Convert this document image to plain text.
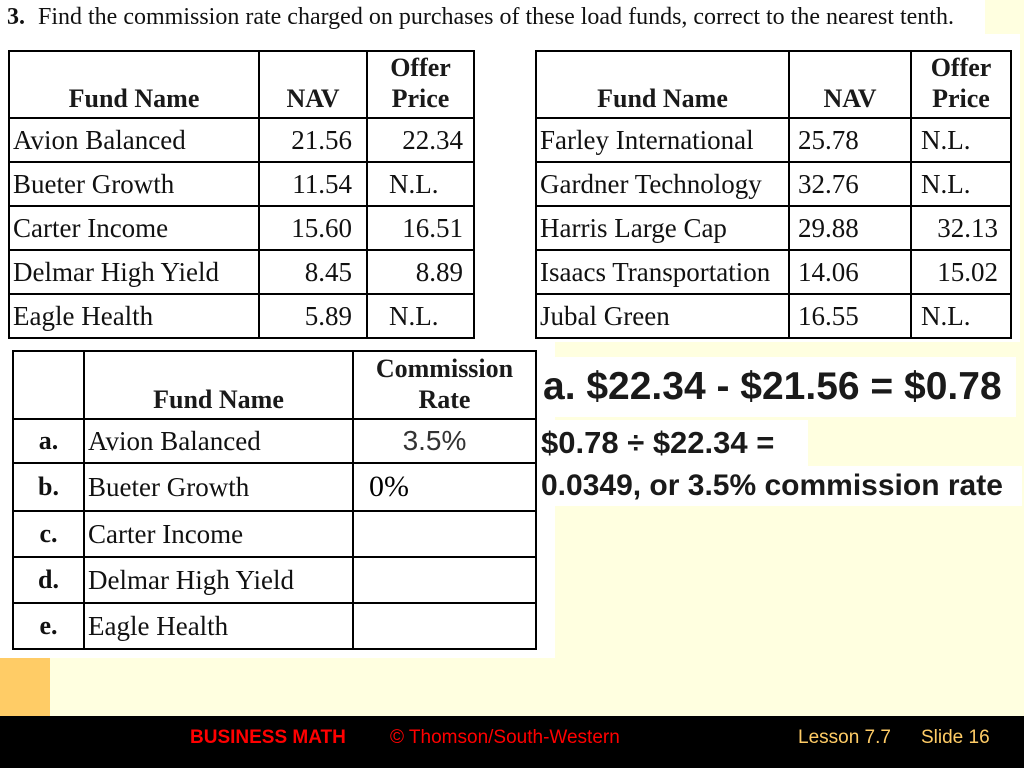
3. Find the commission rate charged on purchases of these load funds, correct to the nearest tenth.
Fund Name	NAV	Offer
Price
Avion Balanced	21.56	22.34
Bueter Growth	11.54	N.L.
Carter Income	15.60	16.51
Delmar High Yield	8.45	8.89
Eagle Health	5.89	N.L.
Fund Name	NAV	Offer
Price
Farley International	25.78	N.L.
Gardner Technology	32.76	N.L.
Harris Large Cap	29.88	32.13
Isaacs Transportation	14.06	15.02
Jubal Green	16.55	N.L.
	Fund Name	Commission
Rate
a.	Avion Balanced	3.5%
b.	Bueter Growth	0%
c.	Carter Income	
d.	Delmar High Yield	
e.	Eagle Health	
a. $22.34 - $21.56 = $0.78
$0.78 ÷ $22.34 =
0.0349, or 3.5% commission rate
BUSINESS MATH © Thomson/South-Western	Lesson 7.7 Slide 16
